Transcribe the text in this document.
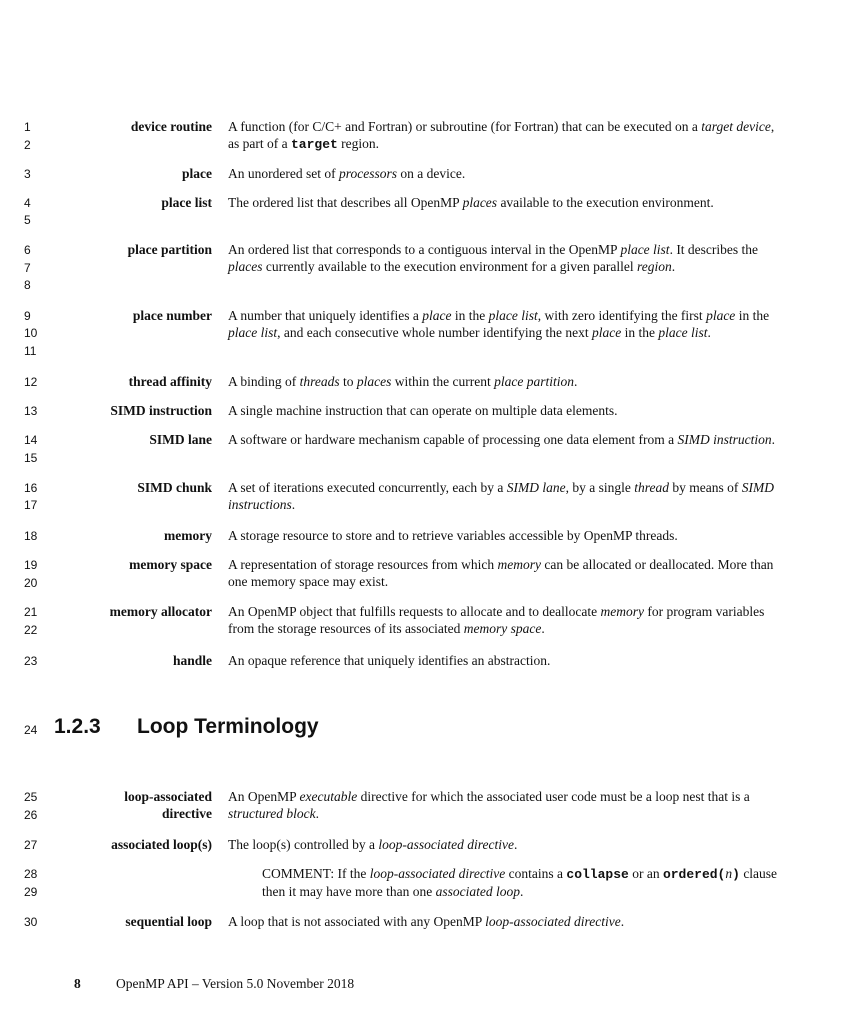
1
2
3
4
5
6
7
8
9
10
11
12
13
14
15
16
17
18
19
20
21
22
23
24
25
26
27
28
29
30
device routine A function (for C/C+ and Fortran) or subroutine (for Fortran) that can be executed on a target device, as part of a target region.
place An unordered set of processors on a device.
place list The ordered list that describes all OpenMP places available to the execution environment.
place partition An ordered list that corresponds to a contiguous interval in the OpenMP place list. It describes the places currently available to the execution environment for a given parallel region.
place number A number that uniquely identifies a place in the place list, with zero identifying the first place in the place list, and each consecutive whole number identifying the next place in the place list.
thread affinity A binding of threads to places within the current place partition.
SIMD instruction A single machine instruction that can operate on multiple data elements.
SIMD lane A software or hardware mechanism capable of processing one data element from a SIMD instruction.
SIMD chunk A set of iterations executed concurrently, each by a SIMD lane, by a single thread by means of SIMD instructions.
memory A storage resource to store and to retrieve variables accessible by OpenMP threads.
memory space A representation of storage resources from which memory can be allocated or deallocated. More than one memory space may exist.
memory allocator An OpenMP object that fulfills requests to allocate and to deallocate memory for program variables from the storage resources of its associated memory space.
handle An opaque reference that uniquely identifies an abstraction.
1.2.3 Loop Terminology
loop-associated
directive
An OpenMP executable directive for which the associated user code must be a loop nest that is a structured block.
associated loop(s) The loop(s) controlled by a loop-associated directive.
COMMENT: If the loop-associated directive contains a collapse or an ordered(n) clause then it may have more than one associated loop.
sequential loop A loop that is not associated with any OpenMP loop-associated directive.
8	OpenMP API – Version 5.0 November 2018
